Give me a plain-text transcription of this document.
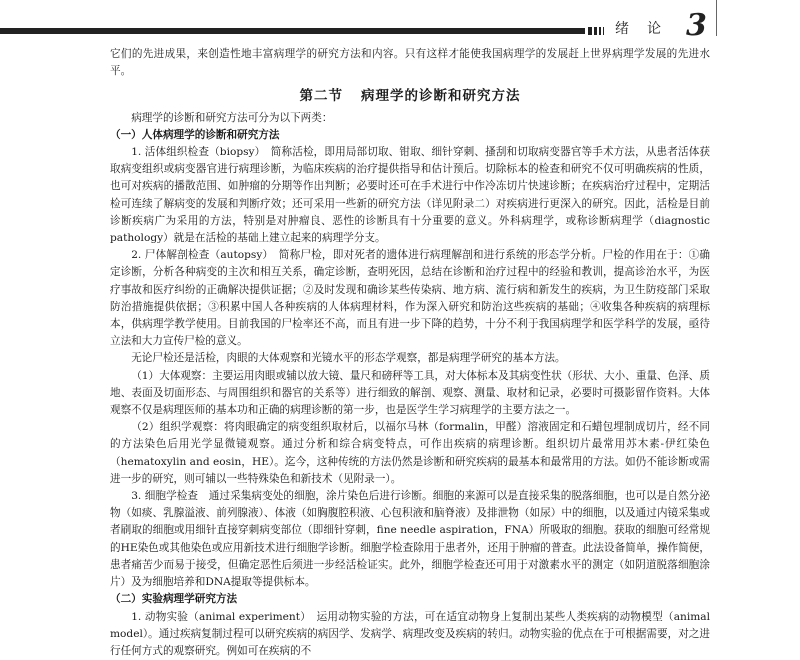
绪论 3

它们的先进成果，来创造性地丰富病理学的研究方法和内容。只有这样才能使我国病理学的发展赶上世界病理学发展的先进水平。

第二节 病理学的诊断和研究方法

病理学的诊断和研究方法可分为以下两类：

（一）人体病理学的诊断和研究方法

1. 活体组织检查（biopsy）　简称活检，即用局部切取、钳取、细针穿刺、搔刮和切取病变器官等手术方法，从患者活体获取病变组织或病变器官进行病理诊断，为临床疾病的治疗提供指导和估计预后。切除标本的检查和研究不仅可明确疾病的性质，也可对疾病的播散范围、如肿瘤的分期等作出判断；必要时还可在手术进行中作冷冻切片快速诊断；在疾病治疗过程中，定期活检可连续了解病变的发展和判断疗效；还可采用一些新的研究方法（详见附录二）对疾病进行更深入的研究。因此，活检是目前诊断疾病广为采用的方法，特别是对肿瘤良、恶性的诊断具有十分重要的意义。外科病理学，或称诊断病理学（diagnostic pathology）就是在活检的基础上建立起来的病理学分支。

2. 尸体解剖检查（autopsy）　简称尸检，即对死者的遗体进行病理解剖和进行系统的形态学分析。尸检的作用在于：①确定诊断，分析各种病变的主次和相互关系，确定诊断，查明死因，总结在诊断和治疗过程中的经验和教训，提高诊治水平，为医疗事故和医疗纠纷的正确解决提供证据；②及时发现和确诊某些传染病、地方病、流行病和新发生的疾病，为卫生防疫部门采取防治措施提供依据；③积累中国人各种疾病的人体病理材料，作为深入研究和防治这些疾病的基础；④收集各种疾病的病理标本，供病理学教学使用。目前我国的尸检率还不高，而且有进一步下降的趋势，十分不利于我国病理学和医学科学的发展，亟待立法和大力宣传尸检的意义。

无论尸检还是活检，肉眼的大体观察和光镜水平的形态学观察，都是病理学研究的基本方法。

（1）大体观察：主要运用肉眼或辅以放大镜、量尺和磅秤等工具，对大体标本及其病变性状（形状、大小、重量、色泽、质地、表面及切面形态、与周围组织和器官的关系等）进行细致的解剖、观察、测量、取材和记录，必要时可摄影留作资料。大体观察不仅是病理医师的基本功和正确的病理诊断的第一步，也是医学生学习病理学的主要方法之一。

（2）组织学观察：将肉眼确定的病变组织取材后，以福尔马林（formalin，甲醛）溶液固定和石蜡包埋制成切片，经不同的方法染色后用光学显微镜观察。通过分析和综合病变特点，可作出疾病的病理诊断。组织切片最常用苏木素-伊红染色（hematoxylin and eosin，HE）。迄今，这种传统的方法仍然是诊断和研究疾病的最基本和最常用的方法。如仍不能诊断或需进一步的研究，则可辅以一些特殊染色和新技术（见附录一）。

3. 细胞学检查　通过采集病变处的细胞，涂片染色后进行诊断。细胞的来源可以是直接采集的脱落细胞，也可以是自然分泌物（如痰、乳腺溢液、前列腺液）、体液（如胸腹腔积液、心包积液和脑脊液）及排泄物（如尿）中的细胞，以及通过内镜采集或者刷取的细胞或用细针直接穿刺病变部位（即细针穿刺，fine needle aspiration，FNA）所吸取的细胞。获取的细胞可经常规的HE染色或其他染色或应用新技术进行细胞学诊断。细胞学检查除用于患者外，还用于肿瘤的普查。此法设备简单，操作简便，患者痛苦少而易于接受，但确定恶性后须进一步经活检证实。此外，细胞学检查还可用于对激素水平的测定（如阴道脱落细胞涂片）及为细胞培养和DNA提取等提供标本。

（二）实验病理学研究方法

1. 动物实验（animal experiment）　运用动物实验的方法，可在适宜动物身上复制出某些人类疾病的动物模型（animal model）。通过疾病复制过程可以研究疾病的病因学、发病学、病理改变及疾病的转归。动物实验的优点在于可根据需要，对之进行任何方式的观察研究。例如可在疾病的不
